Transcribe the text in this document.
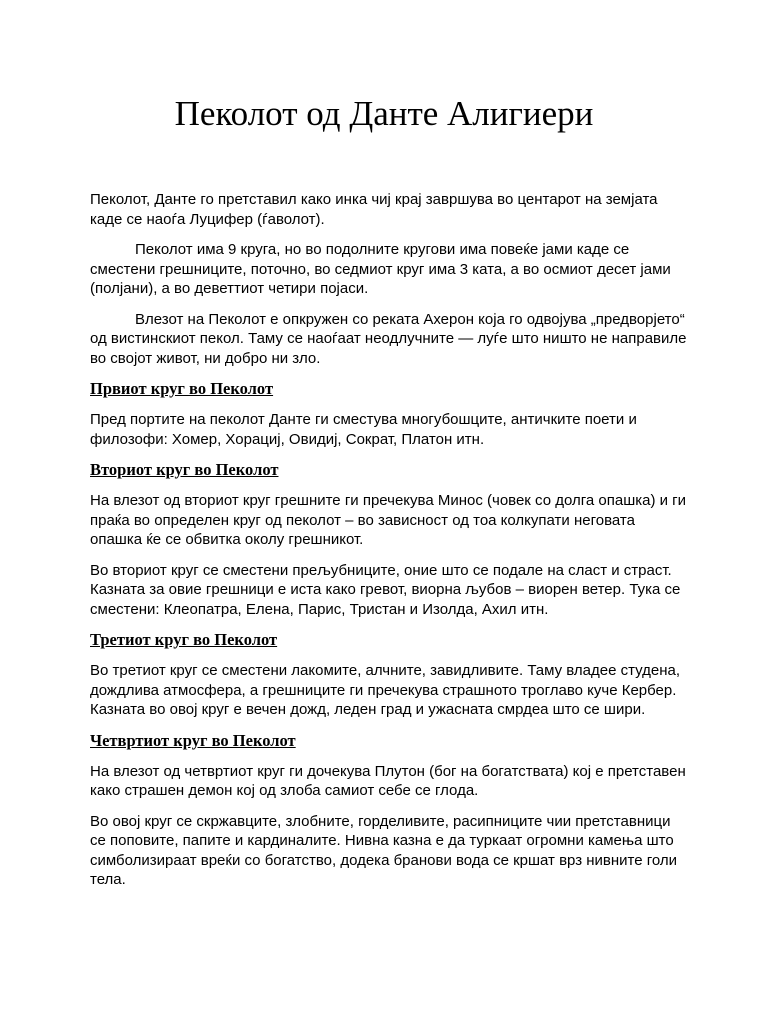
Пеколот од Данте Алигиери

Пеколот, Данте го претставил како инка чиј крај завршува во центарот на земјата каде се наоѓа Луцифер (ѓаволот).

Пеколот има 9 круга, но во подолните кругови има повеќе јами каде се сместени грешниците, поточно, во седмиот круг има 3 ката, а во осмиот десет јами (полјани), а во деветтиот четири појаси.

Влезот на Пеколот е опкружен со реката Ахерон која го одвојува „предворјето“ од вистинскиот пекол. Таму се наоѓаат неодлучните — луѓе што ништо не направиле во својот живот, ни добро ни зло.

Првиот круг во Пеколот

Пред портите на пеколот Данте ги сместува многубошците, античките поети и филозофи: Хомер, Хорациј, Овидиј, Сократ, Платон итн.

Вториот круг во Пеколот

На влезот од вториот круг грешните ги пречекува Минос (човек со долга опашка) и ги праќа во определен круг од пеколот – во зависност од тоа колкупати неговата опашка ќе се обвитка околу грешникот.

Во вториот круг се сместени прељубниците, оние што се подале на сласт и страст. Казната за овие грешници е иста како гревот, виорна љубов – виорен ветер. Тука се сместени: Клеопатра, Елена, Парис, Тристан и Изолда, Ахил итн.

Третиот круг во Пеколот

Во третиот круг се сместени лакомите, алчните, завидливите. Таму владее студена, дождлива атмосфера, а грешниците ги пречекува страшното троглаво куче Кербер. Казната во овој круг е вечен дожд, леден град и ужасната смрдеа што се шири.

Четвртиот круг во Пеколот

На влезот од четвртиот круг ги дочекува Плутон (бог на богатствата) кој е претставен како страшен демон кој од злоба самиот себе се глода.

Во овој круг се скржавците, злобните, горделивите, расипниците чии претставници се поповите, папите и кардиналите. Нивна казна е да туркаат огромни камења што симболизираат вреќи со богатство, додека бранови вода се кршат врз нивните голи тела.
